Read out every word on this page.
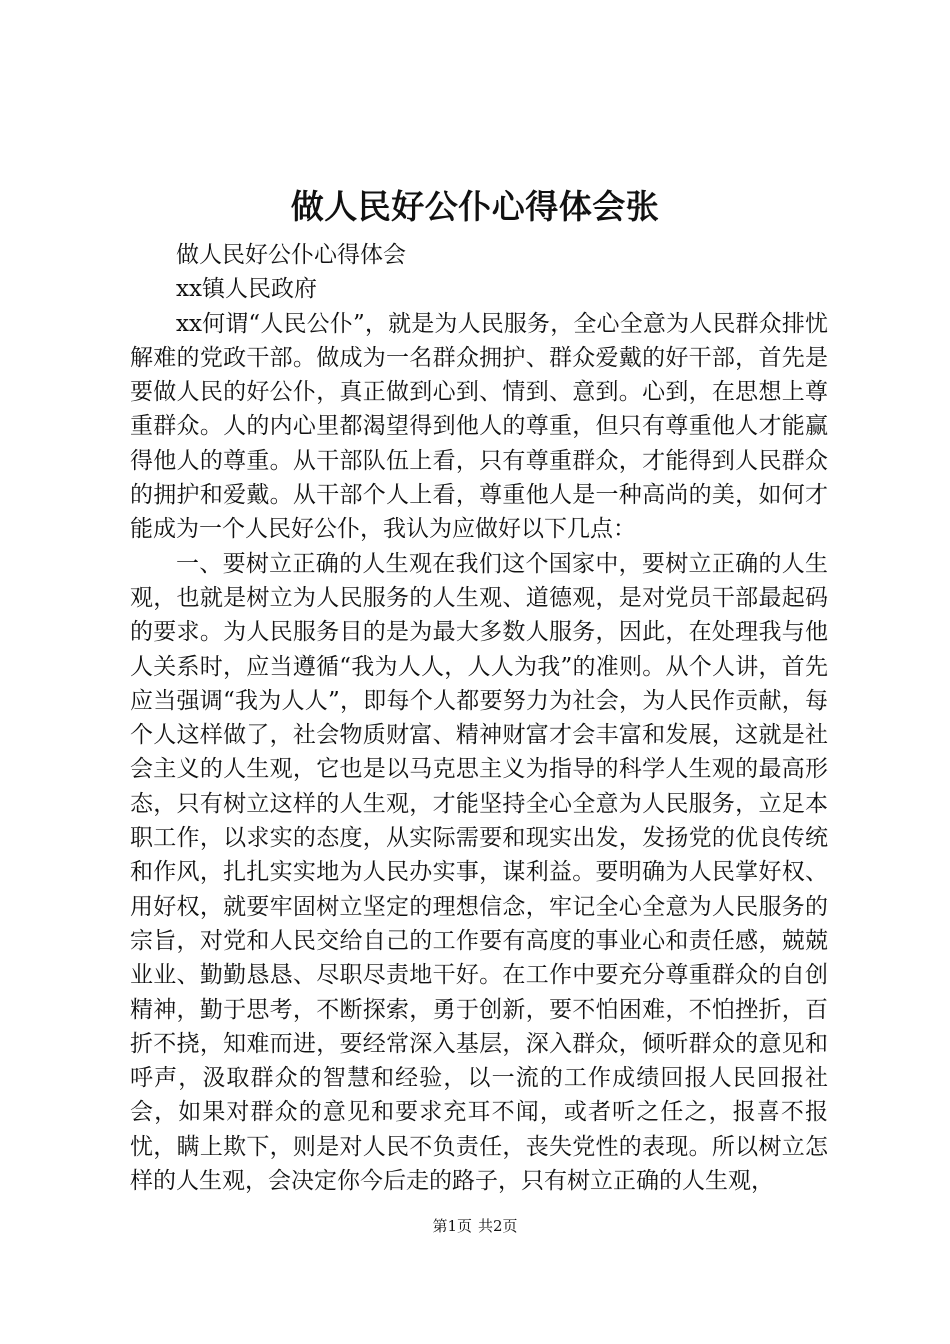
做人民好公仆心得体会张

做人民好公仆心得体会

xx镇人民政府

xx何谓“人民公仆”，就是为人民服务，全心全意为人民群众排忧解难的党政干部。做成为一名群众拥护、群众爱戴的好干部，首先是要做人民的好公仆，真正做到心到、情到、意到。心到，在思想上尊重群众。人的内心里都渴望得到他人的尊重，但只有尊重他人才能赢得他人的尊重。从干部队伍上看，只有尊重群众，才能得到人民群众的拥护和爱戴。从干部个人上看，尊重他人是一种高尚的美，如何才能成为一个人民好公仆，我认为应做好以下几点：

一、要树立正确的人生观在我们这个国家中，要树立正确的人生观，也就是树立为人民服务的人生观、道德观，是对党员干部最起码的要求。为人民服务目的是为最大多数人服务，因此，在处理我与他人关系时，应当遵循“我为人人，人人为我”的准则。从个人讲，首先应当强调“我为人人”，即每个人都要努力为社会，为人民作贡献，每个人这样做了，社会物质财富、精神财富才会丰富和发展，这就是社会主义的人生观，它也是以马克思主义为指导的科学人生观的最高形态，只有树立这样的人生观，才能坚持全心全意为人民服务，立足本职工作，以求实的态度，从实际需要和现实出发，发扬党的优良传统和作风，扎扎实实地为人民办实事，谋利益。要明确为人民掌好权、用好权，就要牢固树立坚定的理想信念，牢记全心全意为人民服务的宗旨，对党和人民交给自己的工作要有高度的事业心和责任感，兢兢业业、勤勤恳恳、尽职尽责地干好。在工作中要充分尊重群众的自创精神，勤于思考，不断探索，勇于创新，要不怕困难，不怕挫折，百折不挠，知难而进，要经常深入基层，深入群众，倾听群众的意见和呼声，汲取群众的智慧和经验，以一流的工作成绩回报人民回报社会，如果对群众的意见和要求充耳不闻，或者听之任之，报喜不报忧，瞒上欺下，则是对人民不负责任，丧失党性的表现。所以树立怎样的人生观，会决定你今后走的路子，只有树立正确的人生观，

第1页 共2页
